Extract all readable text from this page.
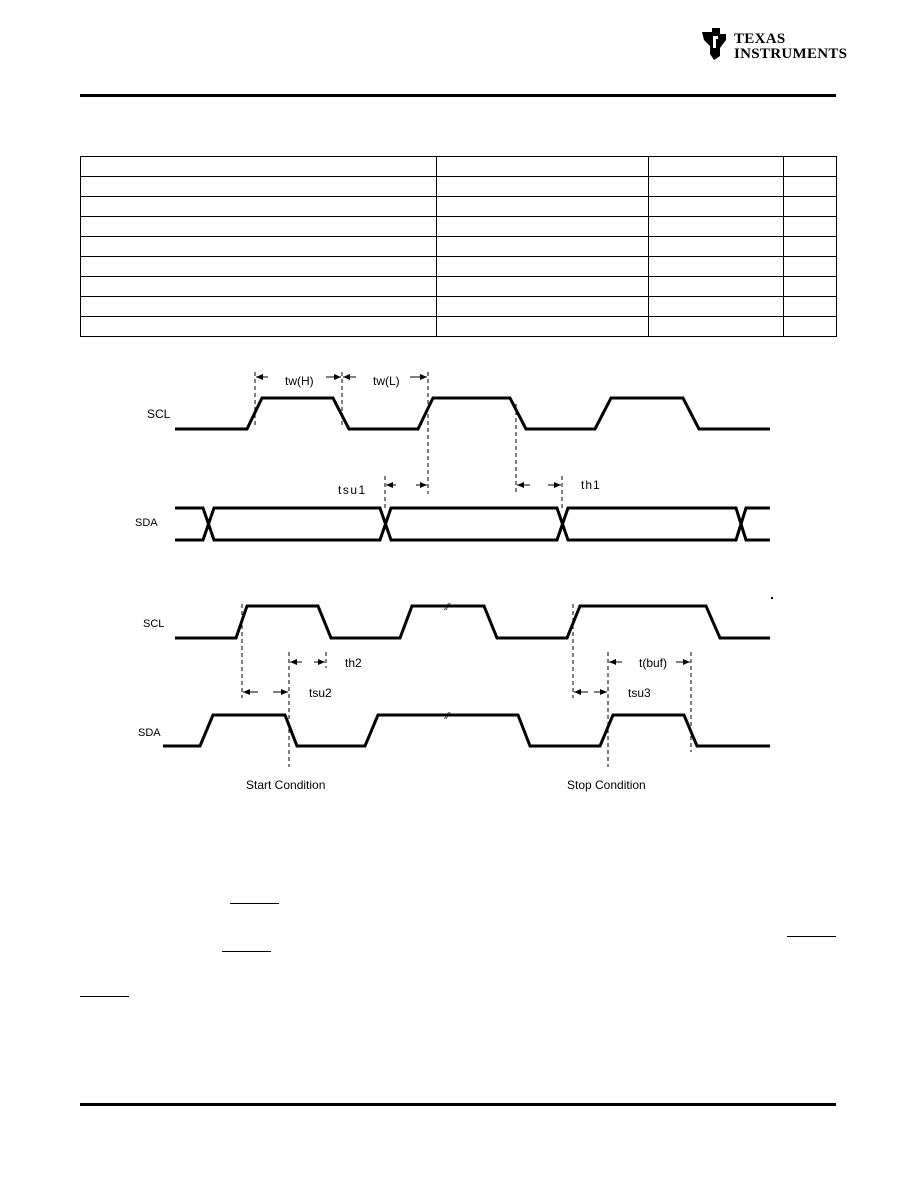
TEXAS
INSTRUMENTS

SCL
SDA
tw(H)	tw(L)
tsu1	th1
⁄⁄
⁄⁄
SCL
SDA
th2
tsu2
t(buf)
tsu3
Start Condition	Stop Condition
